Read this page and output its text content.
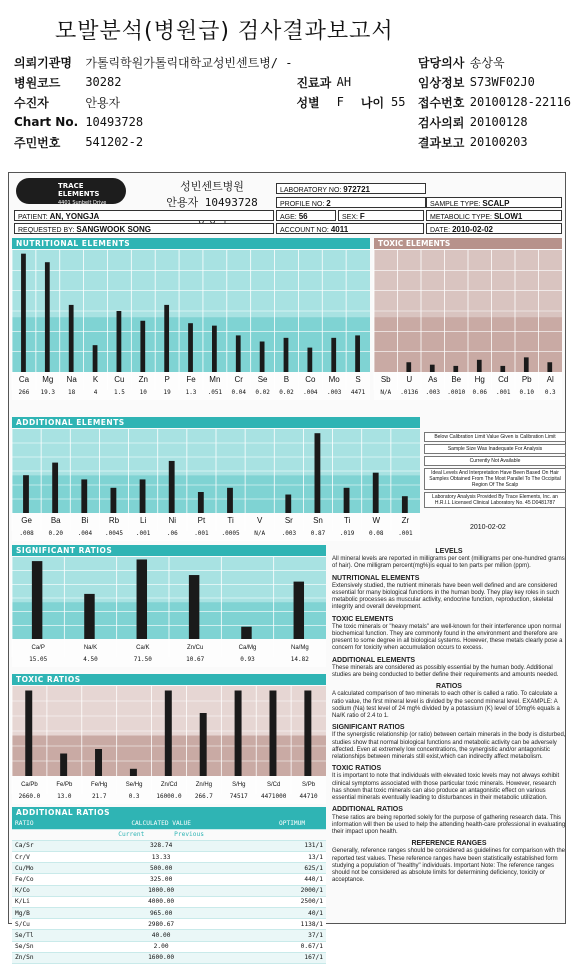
모발분석(병원급) 검사결과보고서
의뢰기관명	가톨릭학원가톨릭대학교성빈센트병/ -					담당의사	송상욱
병원코드	30282	진료과	AH			임상정보	S73WF02J0
수진자	안용자	성별	F	나이	55	접수번호	20100128-22116
Chart No.	10493728					검사의뢰	20100128
주민번호	541202-2					결과보고	20100203
TRACE ELEMENTS
4401 Sunbelt Drive
성빈센트병원
안용자 10493728
LABORATORY NO: 972721
PROFILE NO: 2	SAMPLE TYPE: SCALP
PATIENT: AN, YONGJA	AGE: 56	SEX: F	METABOLIC TYPE: SLOW1
REQUESTED BY: SANGWOOK SONG	ACCOUNT NO: 4011	DATE: 2010-02-02
NUTRITIONAL ELEMENTS	TOXIC ELEMENTS
ADDITIONAL ELEMENTS
SIGNIFICANT RATIOS
TOXIC RATIOS
ADDITIONAL RATIOS
Ca
266
Mg
19.3
Na
18
K
4
Cu
1.5
Zn
10
P
19
Fe
1.3
Mn
.051
Cr
0.04
Se
0.02
B
0.02
Co
.004
Mo
.003
S
4471
Sb
N/A
U
.0136
As
.003
Be
.0010
Hg
0.06
Cd
.001
Pb
0.10
Al
0.3
Ge
.008
Ba
0.20
Bi
.004
Rb
.0045
Li
.001
Ni
.06
Pt
.001
Ti
.0005
V
N/A
Sr
.003
Sn
0.87
Ti
.019
W
0.08
Zr
.001
Ca/P
15.05
Na/K
4.50
Ca/K
71.50
Zn/Cu
10.67
Ca/Mg
0.93
Na/Mg
14.82
Ca/Pb
2660.0
Fe/Pb
13.0
Fe/Hg
21.7
Se/Hg
0.3
Zn/Cd
16000.0
Zn/Hg
266.7
S/Hg
74517
S/Cd
4471000
S/Pb
44710
Below Calibration Limit Value Given is Calibration Limit
Sample Size Was Inadequate For Analysis
Currently Not Available
Ideal Levels And Interpretation Have Been Based On Hair Samples Obtained From The Most Parallel To The Occipital Region Of The Scalp
Laboratory Analysis Provided By Trace Elements, Inc. an H.R.I.L Licensed Clinical Laboratory No. 45 D0481787
2010-02-02
RATIO	CALCULATED VALUE	OPTIMUM
	Current Previous	
Ca/Sr	328.74	131/1
Cr/V	13.33	13/1
Cu/Mo	500.00	625/1
Fe/Co	325.00	440/1
K/Co	1000.00	2000/1
K/Li	4000.00	2500/1
Mg/B	965.00	40/1
S/Cu	2980.67	1138/1
Se/Tl	40.00	37/1
Se/Sn	2.00	0.67/1
Zn/Sn	1600.00	167/1
LEVELS

All mineral levels are reported in milligrams per cent (milligrams per one-hundred grams of hair). One milligram percent(mg%)is equal to ten parts per million (ppm).

NUTRITIONAL ELEMENTS

Extensively studied, the nutrient minerals have been well defined and are considered essential for many biological functions in the human body. They play key roles in such metabolic processes as muscular activity, endocrine function, reproduction, skeletal integrity and overall development.

TOXIC ELEMENTS

The toxic minerals or "heavy metals" are well-known for their interference upon normal biochemical function. They are commonly found in the environment and therefore are present to some degree in all biological systems. However, these metals clearly pose a concern for toxicity when accumulation occurs to excess.

ADDITIONAL ELEMENTS

These minerals are considered as possibly essential by the human body. Additional studies are being conducted to better define their requirements and amounts needed.

RATIOS

A calculated comparison of two minerals to each other is called a ratio. To calculate a ratio value, the first mineral level is divided by the second mineral level. EXAMPLE: A sodium (Na) test level of 24 mg% divided by a potassium (K) level of 10mg% equals a Na/K ratio of 2.4 to 1.

SIGNIFICANT RATIOS

If the synergistic relationship (or ratio) between certain minerals in the body is disturbed, studies show that normal biological functions and metabolic activity can be adversely affected. Even at extremely low concentrations, the synergistic and/or antagonistic relationships between minerals still exist,which can indirectly affect metabolism.

TOXIC RATIOS

It is important to note that individuals with elevated toxic levels may not always exhibit clinical symptoms associated with those particular toxic minerals. However, research has shown that toxic minerals can also produce an antagonistic effect on various essential minerals eventually leading to disturbances in their metabolic utilization.

ADDITIONAL RATIOS

These ratios are being reported solely for the purpose of gathering research data. This information will then be used to help the attending health-care professional in evaluating their impact upon health.

REFERENCE RANGES

Generally, reference ranges should be considered as guidelines for comparison with the reported test values. These reference ranges have been statistically established form studying a population of "healthy" individuals. Important Note: The reference ranges should not be considered as absolute limits for determining deficiency, toxicity or acceptance.
